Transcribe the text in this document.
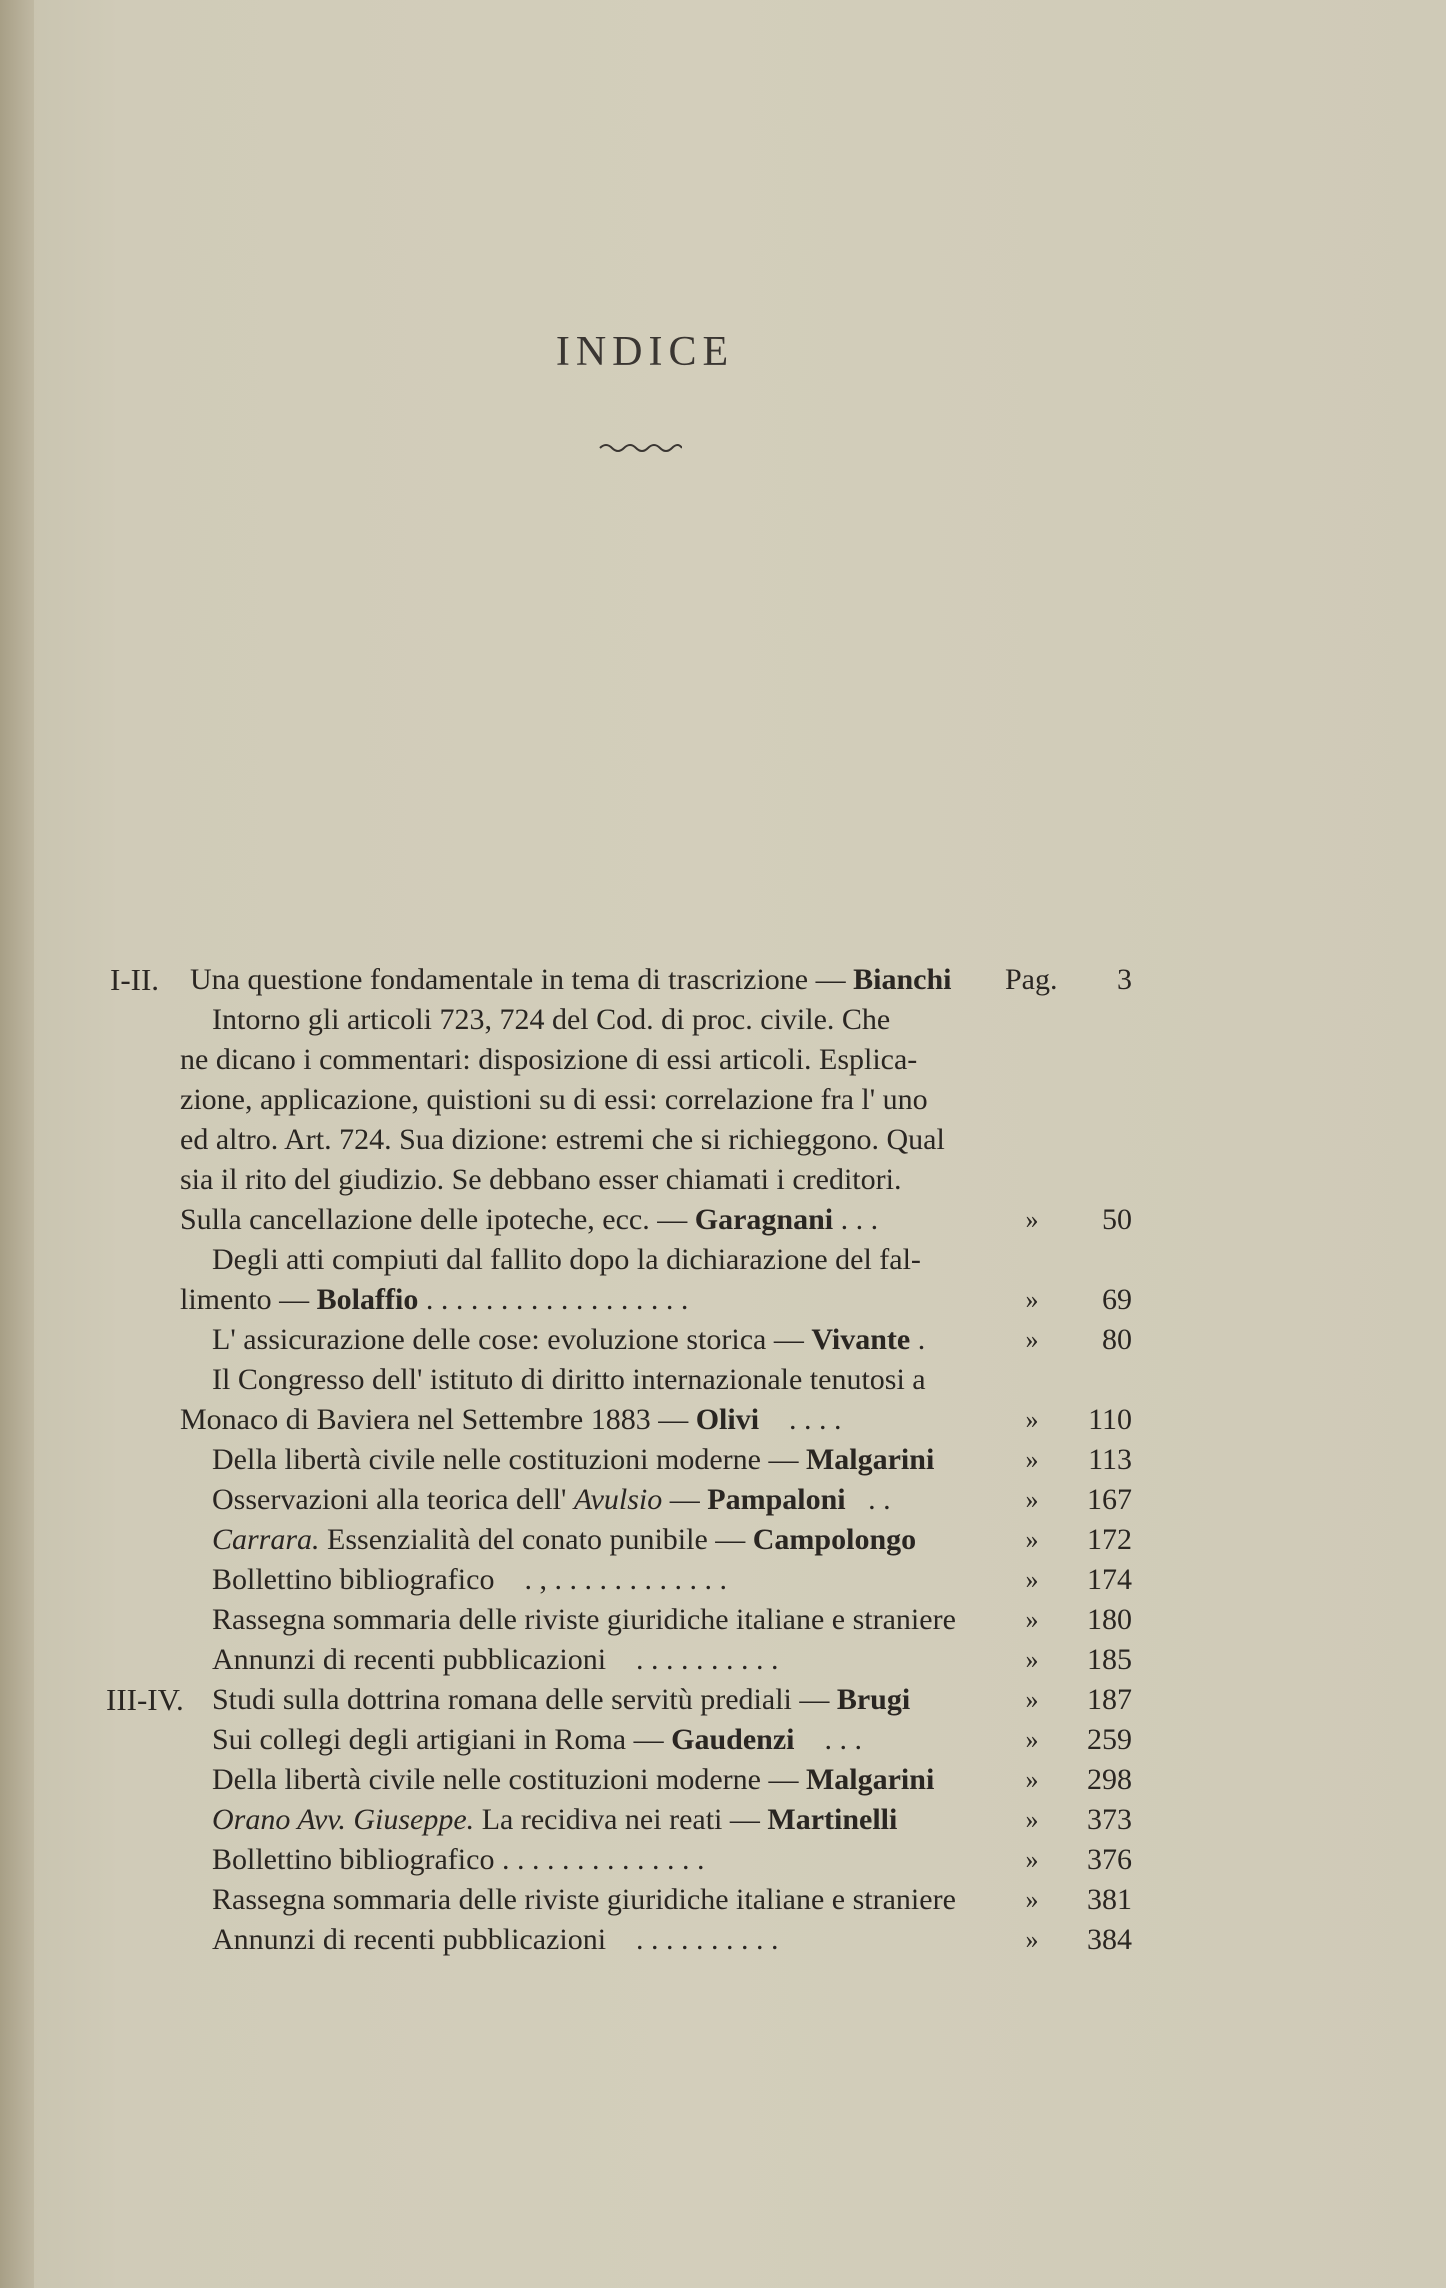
INDICE
I-II. Una questione fondamentale in tema di trascrizione — Bianchi	Pag.	3
Intorno gli articoli 723, 724 del Cod. di proc. civile. Che
ne dicano i commentari: disposizione di essi articoli. Esplica-
zione, applicazione, quistioni su di essi: correlazione fra l' uno
ed altro. Art. 724. Sua dizione: estremi che si richieggono. Qual
sia il rito del giudizio. Se debbano esser chiamati i creditori.
Sulla cancellazione delle ipoteche, ecc. — Garagnani . . .	»	50
Degli atti compiuti dal fallito dopo la dichiarazione del fal-
limento — Bolaffio . . . . . . . . . . . . . . . . . .	»	69
L' assicurazione delle cose: evoluzione storica — Vivante .	»	80
Il Congresso dell' istituto di diritto internazionale tenutosi a
Monaco di Baviera nel Settembre 1883 — Olivi . . . .	» 110
Della libertà civile nelle costituzioni moderne — Malgarini	» 113
Osservazioni alla teorica dell' Avulsio — Pampaloni . .	» 167
Carrara. Essenzialità del conato punibile — Campolongo	» 172
Bollettino bibliografico . , . . . . . . . . . . . .	» 174
Rassegna sommaria delle riviste giuridiche italiane e straniere	» 180
Annunzi di recenti pubblicazioni . . . . . . . . . .	» 185
III-IV. Studi sulla dottrina romana delle servitù prediali — Brugi	» 187
Sui collegi degli artigiani in Roma — Gaudenzi . . .	» 259
Della libertà civile nelle costituzioni moderne — Malgarini	» 298
Orano Avv. Giuseppe. La recidiva nei reati — Martinelli	» 373
Bollettino bibliografico . . . . . . . . . . . . . .	» 376
Rassegna sommaria delle riviste giuridiche italiane e straniere	» 381
Annunzi di recenti pubblicazioni . . . . . . . . . .	» 384
